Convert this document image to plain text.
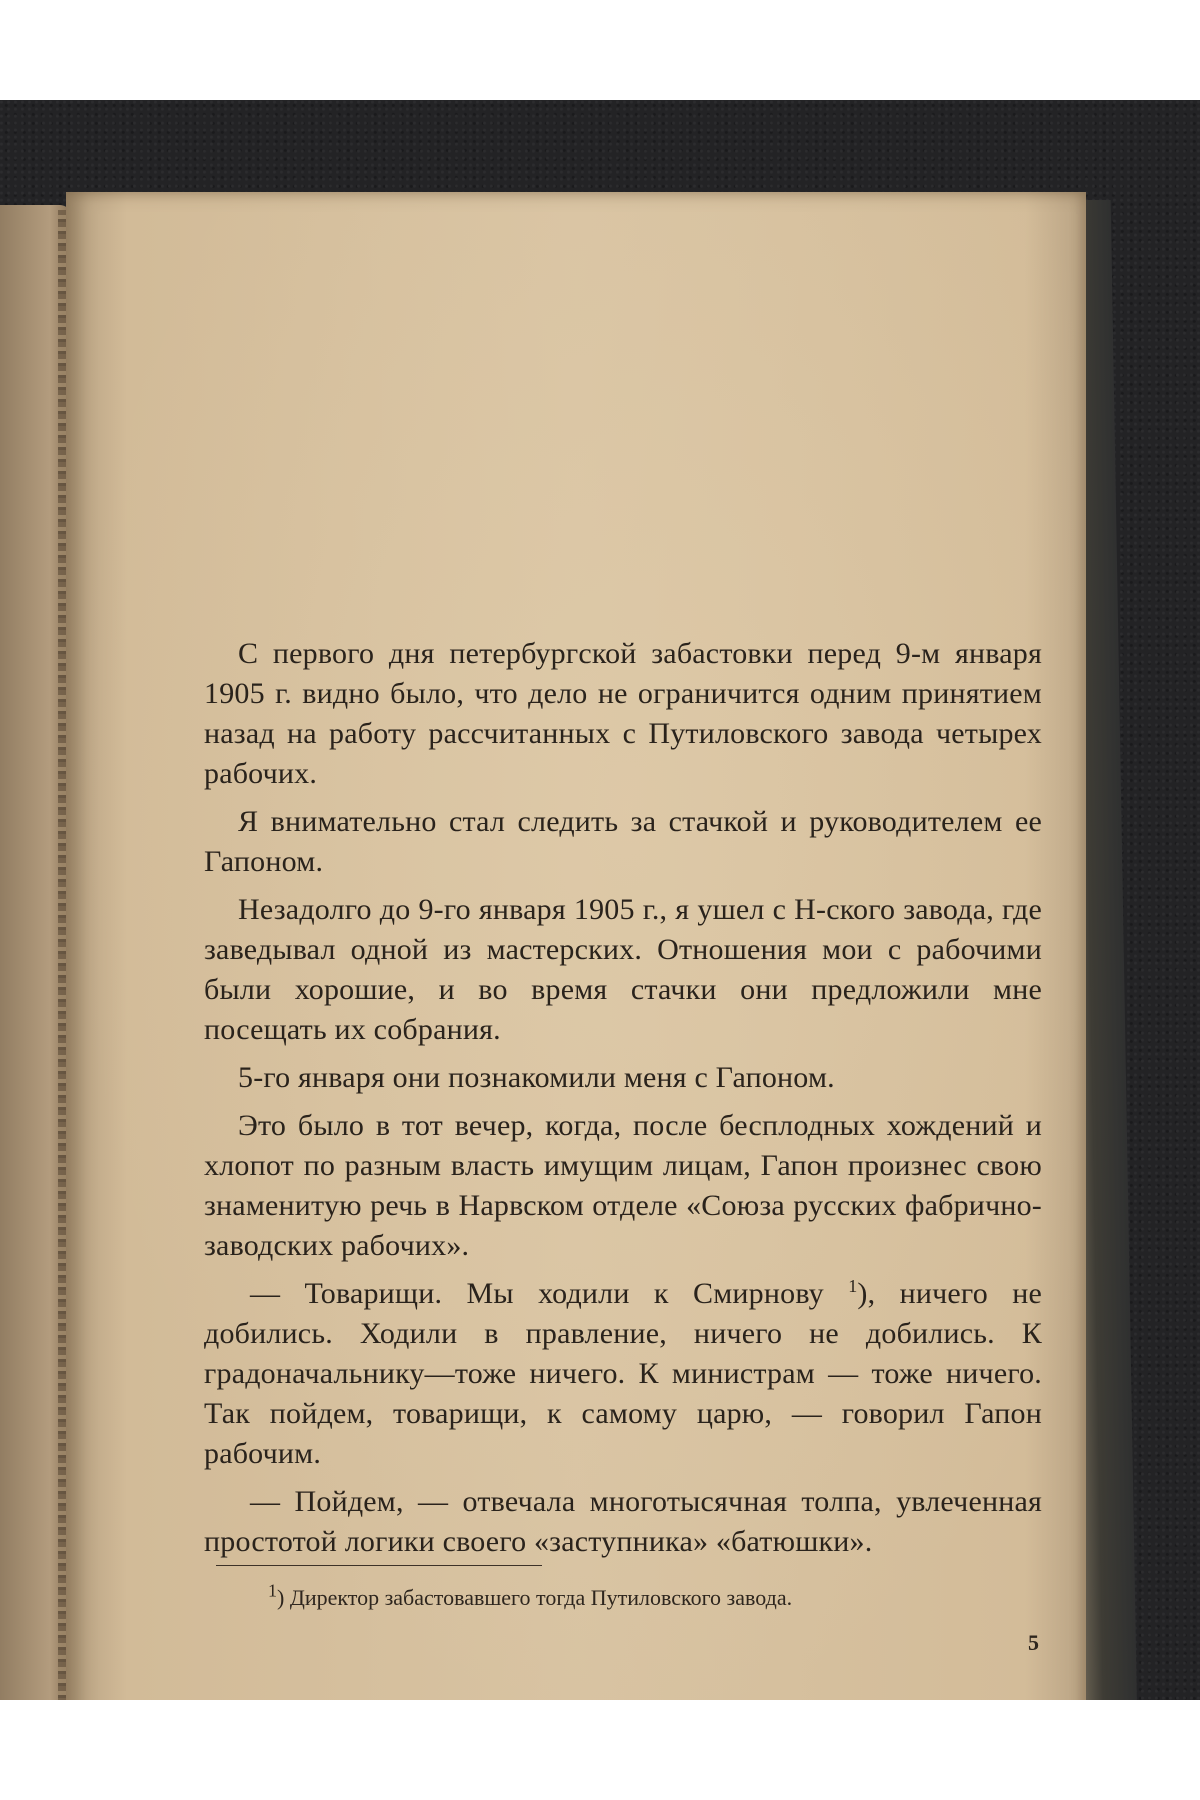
С первого дня петербургской забастовки перед 9-м января 1905 г. видно было, что дело не ограничится одним принятием назад на работу рассчитанных с Путиловского завода четырех рабочих.

Я внимательно стал следить за стачкой и руководителем ее Гапоном.

Незадолго до 9-го января 1905 г., я ушел с Н-ского завода, где заведывал одной из мастерских. Отношения мои с рабочими были хорошие, и во время стачки они предложили мне посещать их собрания.

5-го января они познакомили меня с Гапоном.

Это было в тот вечер, когда, после бесплодных хождений и хлопот по разным власть имущим лицам, Гапон произнес свою знаменитую речь в Нарвском отделе «Союза русских фабрично-заводских рабочих».

— Товарищи. Мы ходили к Смирнову $^1$), ничего не добились. Ходили в правление, ничего не добились. К градоначальнику—тоже ничего. К министрам — тоже ничего. Так пойдем, товарищи, к самому царю, — говорил Гапон рабочим.

— Пойдем, — отвечала многотысячная толпа, увлеченная простотой логики своего «заступника» «батюшки».

$^1$) Директор забастовавшего тогда Путиловского завода.
5
